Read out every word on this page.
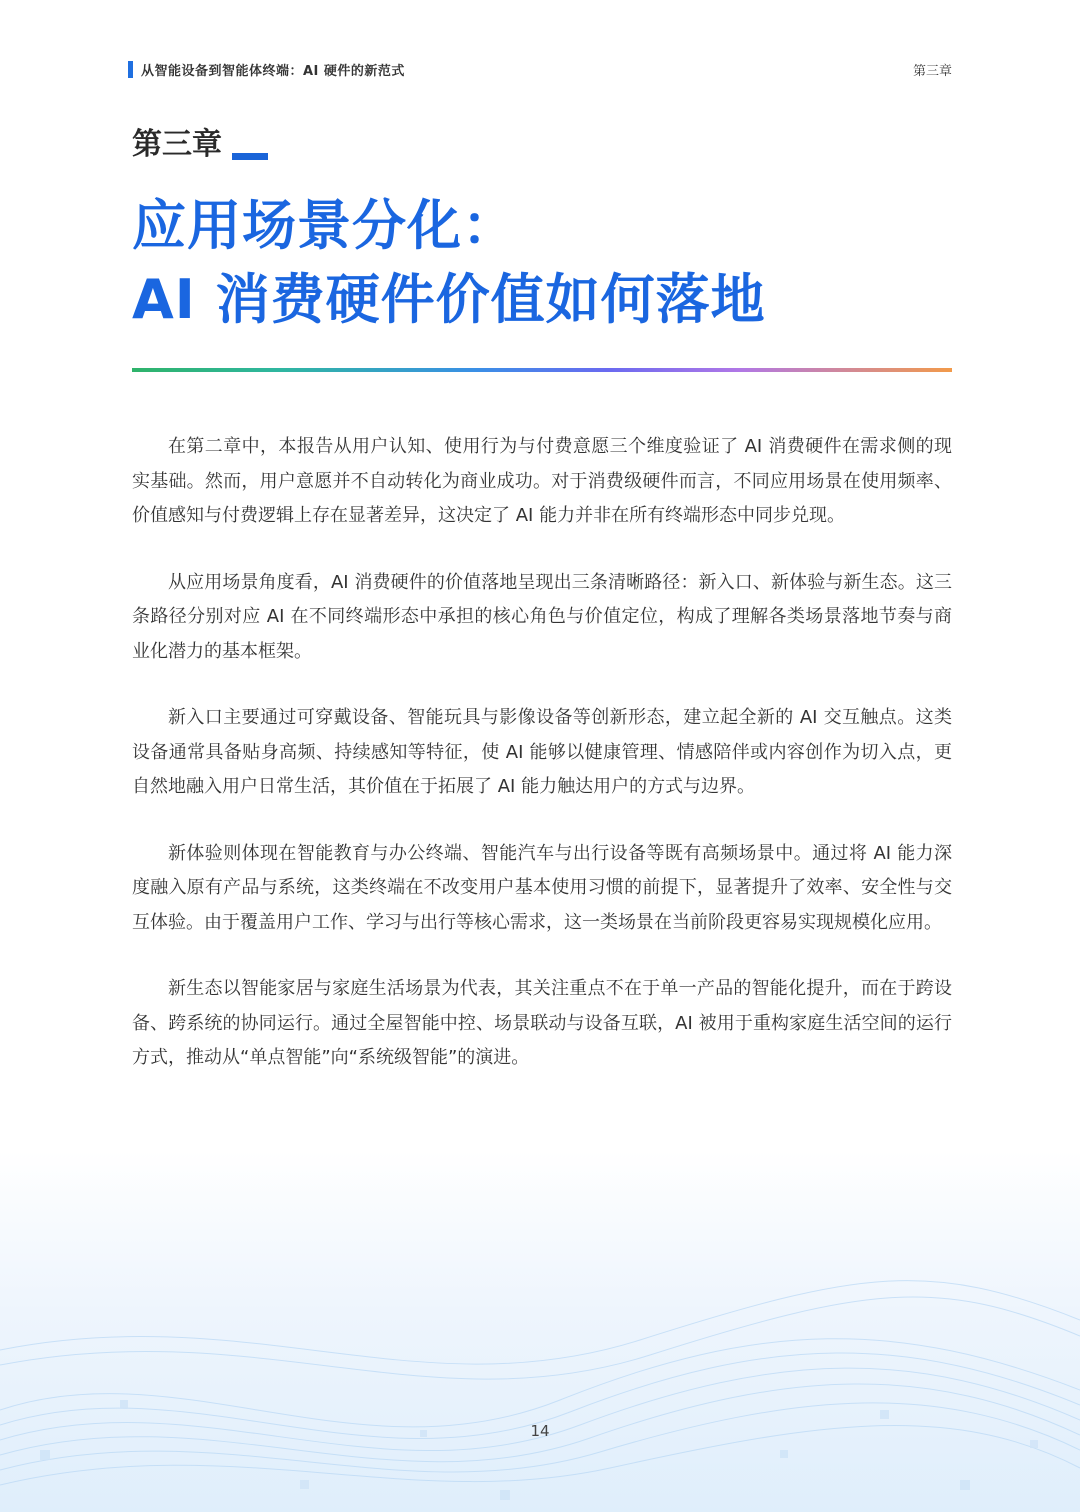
从智能设备到智能体终端：AI 硬件的新范式	第三章
第三章
应用场景分化：
AI 消费硬件价值如何落地

在第二章中，本报告从用户认知、使用行为与付费意愿三个维度验证了 AI 消费硬件在需求侧的现实基础。然而，用户意愿并不自动转化为商业成功。对于消费级硬件而言，不同应用场景在使用频率、价值感知与付费逻辑上存在显著差异，这决定了 AI 能力并非在所有终端形态中同步兑现。

从应用场景角度看，AI 消费硬件的价值落地呈现出三条清晰路径：新入口、新体验与新生态。这三条路径分别对应 AI 在不同终端形态中承担的核心角色与价值定位，构成了理解各类场景落地节奏与商业化潜力的基本框架。

新入口主要通过可穿戴设备、智能玩具与影像设备等创新形态，建立起全新的 AI 交互触点。这类设备通常具备贴身高频、持续感知等特征，使 AI 能够以健康管理、情感陪伴或内容创作为切入点，更自然地融入用户日常生活，其价值在于拓展了 AI 能力触达用户的方式与边界。

新体验则体现在智能教育与办公终端、智能汽车与出行设备等既有高频场景中。通过将 AI 能力深度融入原有产品与系统，这类终端在不改变用户基本使用习惯的前提下，显著提升了效率、安全性与交互体验。由于覆盖用户工作、学习与出行等核心需求，这一类场景在当前阶段更容易实现规模化应用。

新生态以智能家居与家庭生活场景为代表，其关注重点不在于单一产品的智能化提升，而在于跨设备、跨系统的协同运行。通过全屋智能中控、场景联动与设备互联，AI 被用于重构家庭生活空间的运行方式，推动从“单点智能”向“系统级智能”的演进。

14
